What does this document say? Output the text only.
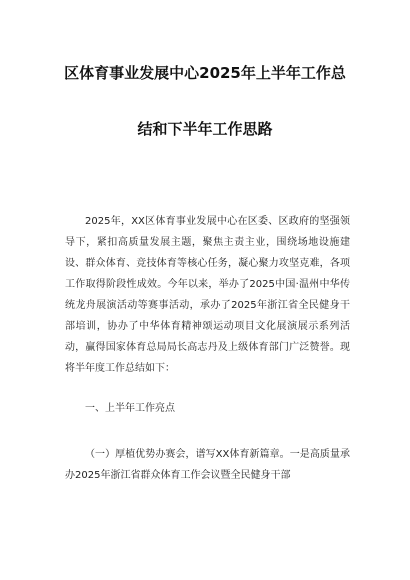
区体育事业发展中心2025年上半年工作总
结和下半年工作思路

2025年，XX区体育事业发展中心在区委、区政府的坚强领导下，紧扣高质量发展主题，聚焦主责主业，围绕场地设施建设、群众体育、竞技体育等核心任务，凝心聚力攻坚克难，各项工作取得阶段性成效。今年以来，举办了2025中国·温州中华传统龙舟展演活动等赛事活动，承办了2025年浙江省全民健身干部培训，协办了中华体育精神颂运动项目文化展演展示系列活动，赢得国家体育总局局长高志丹及上级体育部门广泛赞誉。现将半年度工作总结如下：

一、上半年工作亮点

（一）厚植优势办赛会，谱写XX体育新篇章。一是高质量承办2025年浙江省群众体育工作会议暨全民健身干部
